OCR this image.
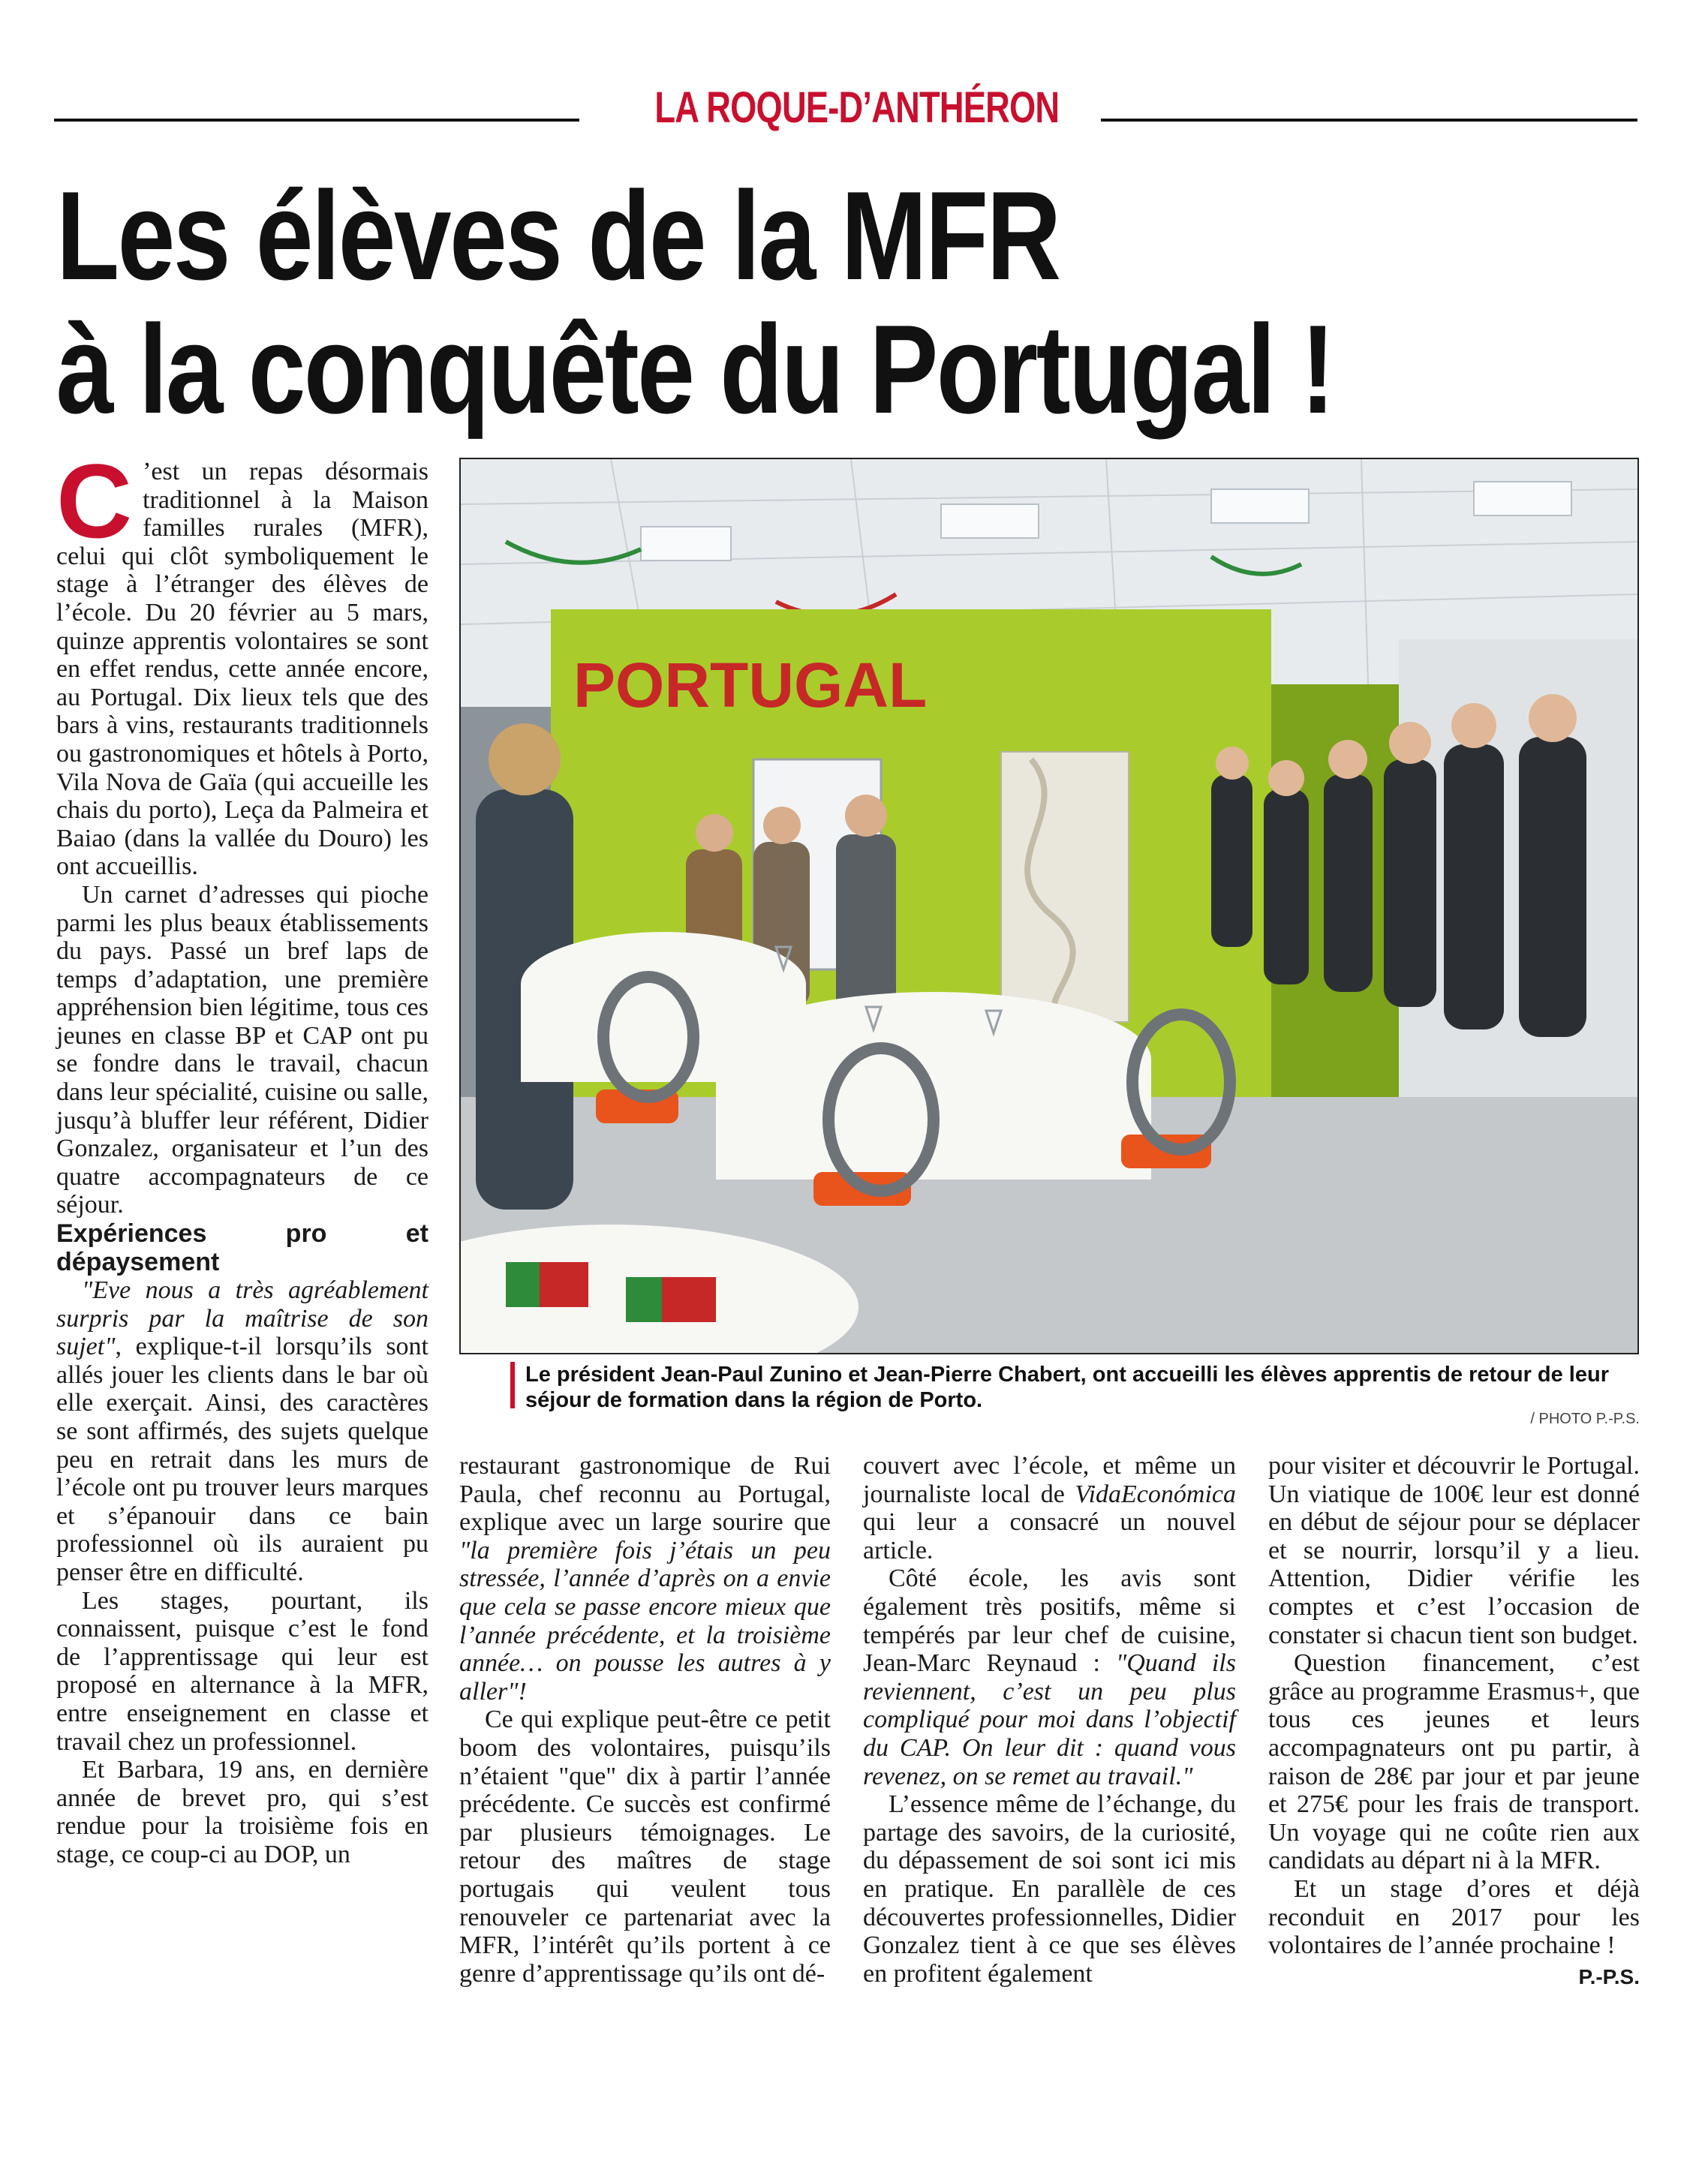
LA ROQUE-D’ANTHÉRON
Les élèves de la MFR
à la conquête du Portugal !

C ’est un repas désormais traditionnel à la Maison familles rurales (MFR), celui qui clôt symboliquement le stage à l’étranger des élèves de l’école. Du 20 février au 5 mars, quinze apprentis volontaires se sont en effet rendus, cette année encore, au Portugal. Dix lieux tels que des bars à vins, restaurants traditionnels ou gastronomiques et hôtels à Porto, Vila Nova de Gaïa (qui accueille les chais du porto), Leça da Palmeira et Baiao (dans la vallée du Douro) les ont accueillis.

Un carnet d’adresses qui pioche parmi les plus beaux établissements du pays. Passé un bref laps de temps d’adaptation, une première appréhension bien légitime, tous ces jeunes en classe BP et CAP ont pu se fondre dans le travail, chacun dans leur spécialité, cuisine ou salle, jusqu’à bluffer leur référent, Didier Gonzalez, organisateur et l’un des quatre accompagnateurs de ce séjour.

Expériences pro et dépaysement

"Eve nous a très agréablement surpris par la maîtrise de son sujet", explique-t-il lorsqu’ils sont allés jouer les clients dans le bar où elle exerçait. Ainsi, des caractères se sont affirmés, des sujets quelque peu en retrait dans les murs de l’école ont pu trouver leurs marques et s’épanouir dans ce bain professionnel où ils auraient pu penser être en difficulté.

Les stages, pourtant, ils connaissent, puisque c’est le fond de l’apprentissage qui leur est proposé en alternance à la MFR, entre enseignement en classe et travail chez un professionnel.

Et Barbara, 19 ans, en dernière année de brevet pro, qui s’est rendue pour la troisième fois en stage, ce coup-ci au DOP, un

PORTUGAL
Le président Jean-Paul Zunino et Jean-Pierre Chabert, ont accueilli les élèves apprentis de retour de leur séjour de formation dans la région de Porto.
/ PHOTO P.-P.S.

restaurant gastronomique de Rui Paula, chef reconnu au Portugal, explique avec un large sourire que "la première fois j’étais un peu stressée, l’année d’après on a envie que cela se passe encore mieux que l’année précédente, et la troisième année… on pousse les autres à y aller"!

Ce qui explique peut-être ce petit boom des volontaires, puisqu’ils n’étaient "que" dix à partir l’année précédente. Ce succès est confirmé par plusieurs témoignages. Le retour des maîtres de stage portugais qui veulent tous renouveler ce partenariat avec la MFR, l’intérêt qu’ils portent à ce genre d’apprentissage qu’ils ont dé-

couvert avec l’école, et même un journaliste local de VidaEconómica qui leur a consacré un nouvel article.

Côté école, les avis sont également très positifs, même si tempérés par leur chef de cuisine, Jean-Marc Reynaud : "Quand ils reviennent, c’est un peu plus compliqué pour moi dans l’objectif du CAP. On leur dit : quand vous revenez, on se remet au travail."

L’essence même de l’échange, du partage des savoirs, de la curiosité, du dépassement de soi sont ici mis en pratique. En parallèle de ces découvertes professionnelles, Didier Gonzalez tient à ce que ses élèves en profitent également

pour visiter et découvrir le Portugal. Un viatique de 100€ leur est donné en début de séjour pour se déplacer et se nourrir, lorsqu’il y a lieu. Attention, Didier vérifie les comptes et c’est l’occasion de constater si chacun tient son budget.

Question financement, c’est grâce au programme Erasmus+, que tous ces jeunes et leurs accompagnateurs ont pu partir, à raison de 28€ par jour et par jeune et 275€ pour les frais de transport. Un voyage qui ne coûte rien aux candidats au départ ni à la MFR.

Et un stage d’ores et déjà reconduit en 2017 pour les volontaires de l’année prochaine !

P.-P.S.
